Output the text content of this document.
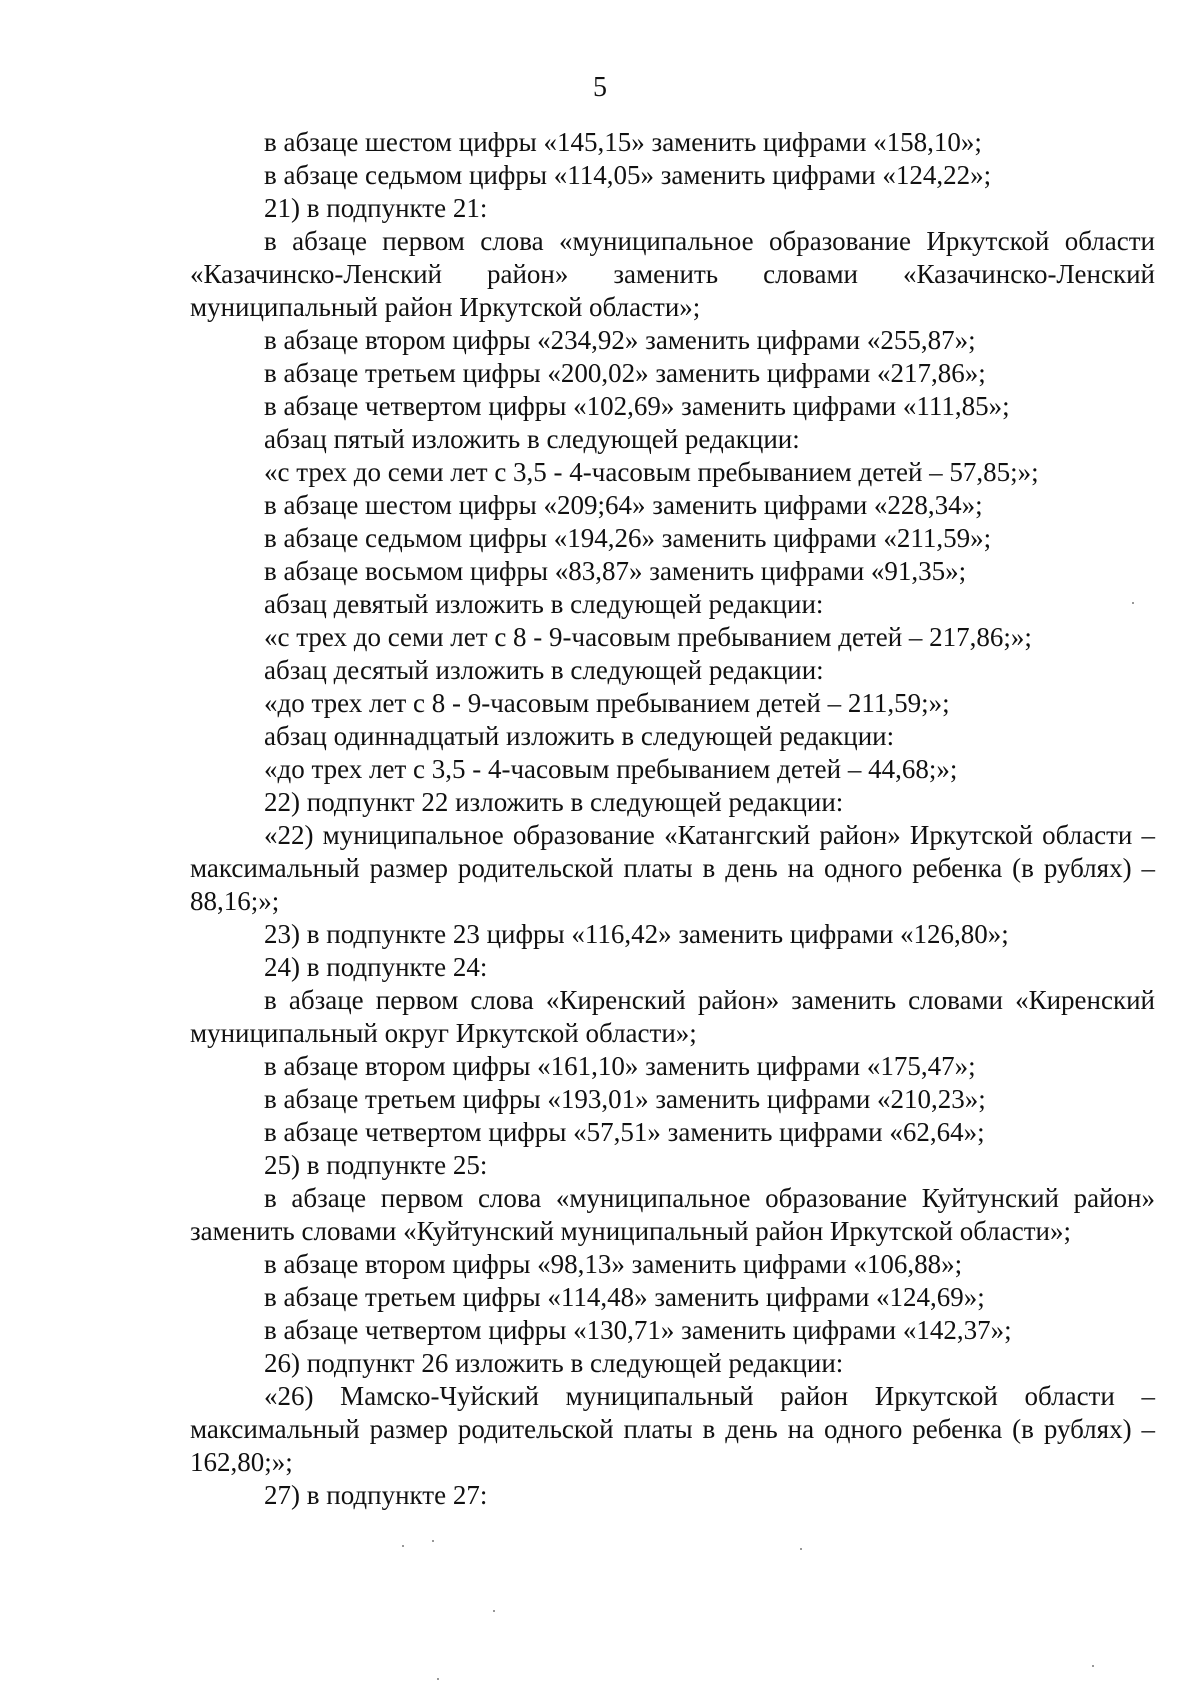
5

в абзаце шестом цифры «145,15» заменить цифрами «158,10»;

в абзаце седьмом цифры «114,05» заменить цифрами «124,22»;

21) в подпункте 21:

в абзаце первом слова «муниципальное образование Иркутской области «Казачинско-Ленский район» заменить словами «Казачинско-Ленский муниципальный район Иркутской области»;

в абзаце втором цифры «234,92» заменить цифрами «255,87»;

в абзаце третьем цифры «200,02» заменить цифрами «217,86»;

в абзаце четвертом цифры «102,69» заменить цифрами «111,85»;

абзац пятый изложить в следующей редакции:

«с трех до семи лет с 3,5 - 4-часовым пребыванием детей – 57,85;»;

в абзаце шестом цифры «209;64» заменить цифрами «228,34»;

в абзаце седьмом цифры «194,26» заменить цифрами «211,59»;

в абзаце восьмом цифры «83,87» заменить цифрами «91,35»;

абзац девятый изложить в следующей редакции:

«с трех до семи лет с 8 - 9-часовым пребыванием детей – 217,86;»;

абзац десятый изложить в следующей редакции:

«до трех лет с 8 - 9-часовым пребыванием детей – 211,59;»;

абзац одиннадцатый изложить в следующей редакции:

«до трех лет с 3,5 - 4-часовым пребыванием детей – 44,68;»;

22) подпункт 22 изложить в следующей редакции:

«22) муниципальное образование «Катангский район» Иркутской области – максимальный размер родительской платы в день на одного ребенка (в рублях) – 88,16;»;

23) в подпункте 23 цифры «116,42» заменить цифрами «126,80»;

24) в подпункте 24:

в абзаце первом слова «Киренский район» заменить словами «Киренский муниципальный округ Иркутской области»;

в абзаце втором цифры «161,10» заменить цифрами «175,47»;

в абзаце третьем цифры «193,01» заменить цифрами «210,23»;

в абзаце четвертом цифры «57,51» заменить цифрами «62,64»;

25) в подпункте 25:

в абзаце первом слова «муниципальное образование Куйтунский район» заменить словами «Куйтунский муниципальный район Иркутской области»;

в абзаце втором цифры «98,13» заменить цифрами «106,88»;

в абзаце третьем цифры «114,48» заменить цифрами «124,69»;

в абзаце четвертом цифры «130,71» заменить цифрами «142,37»;

26) подпункт 26 изложить в следующей редакции:

«26) Мамско-Чуйский муниципальный район Иркутской области – максимальный размер родительской платы в день на одного ребенка (в рублях) – 162,80;»;

27) в подпункте 27:
